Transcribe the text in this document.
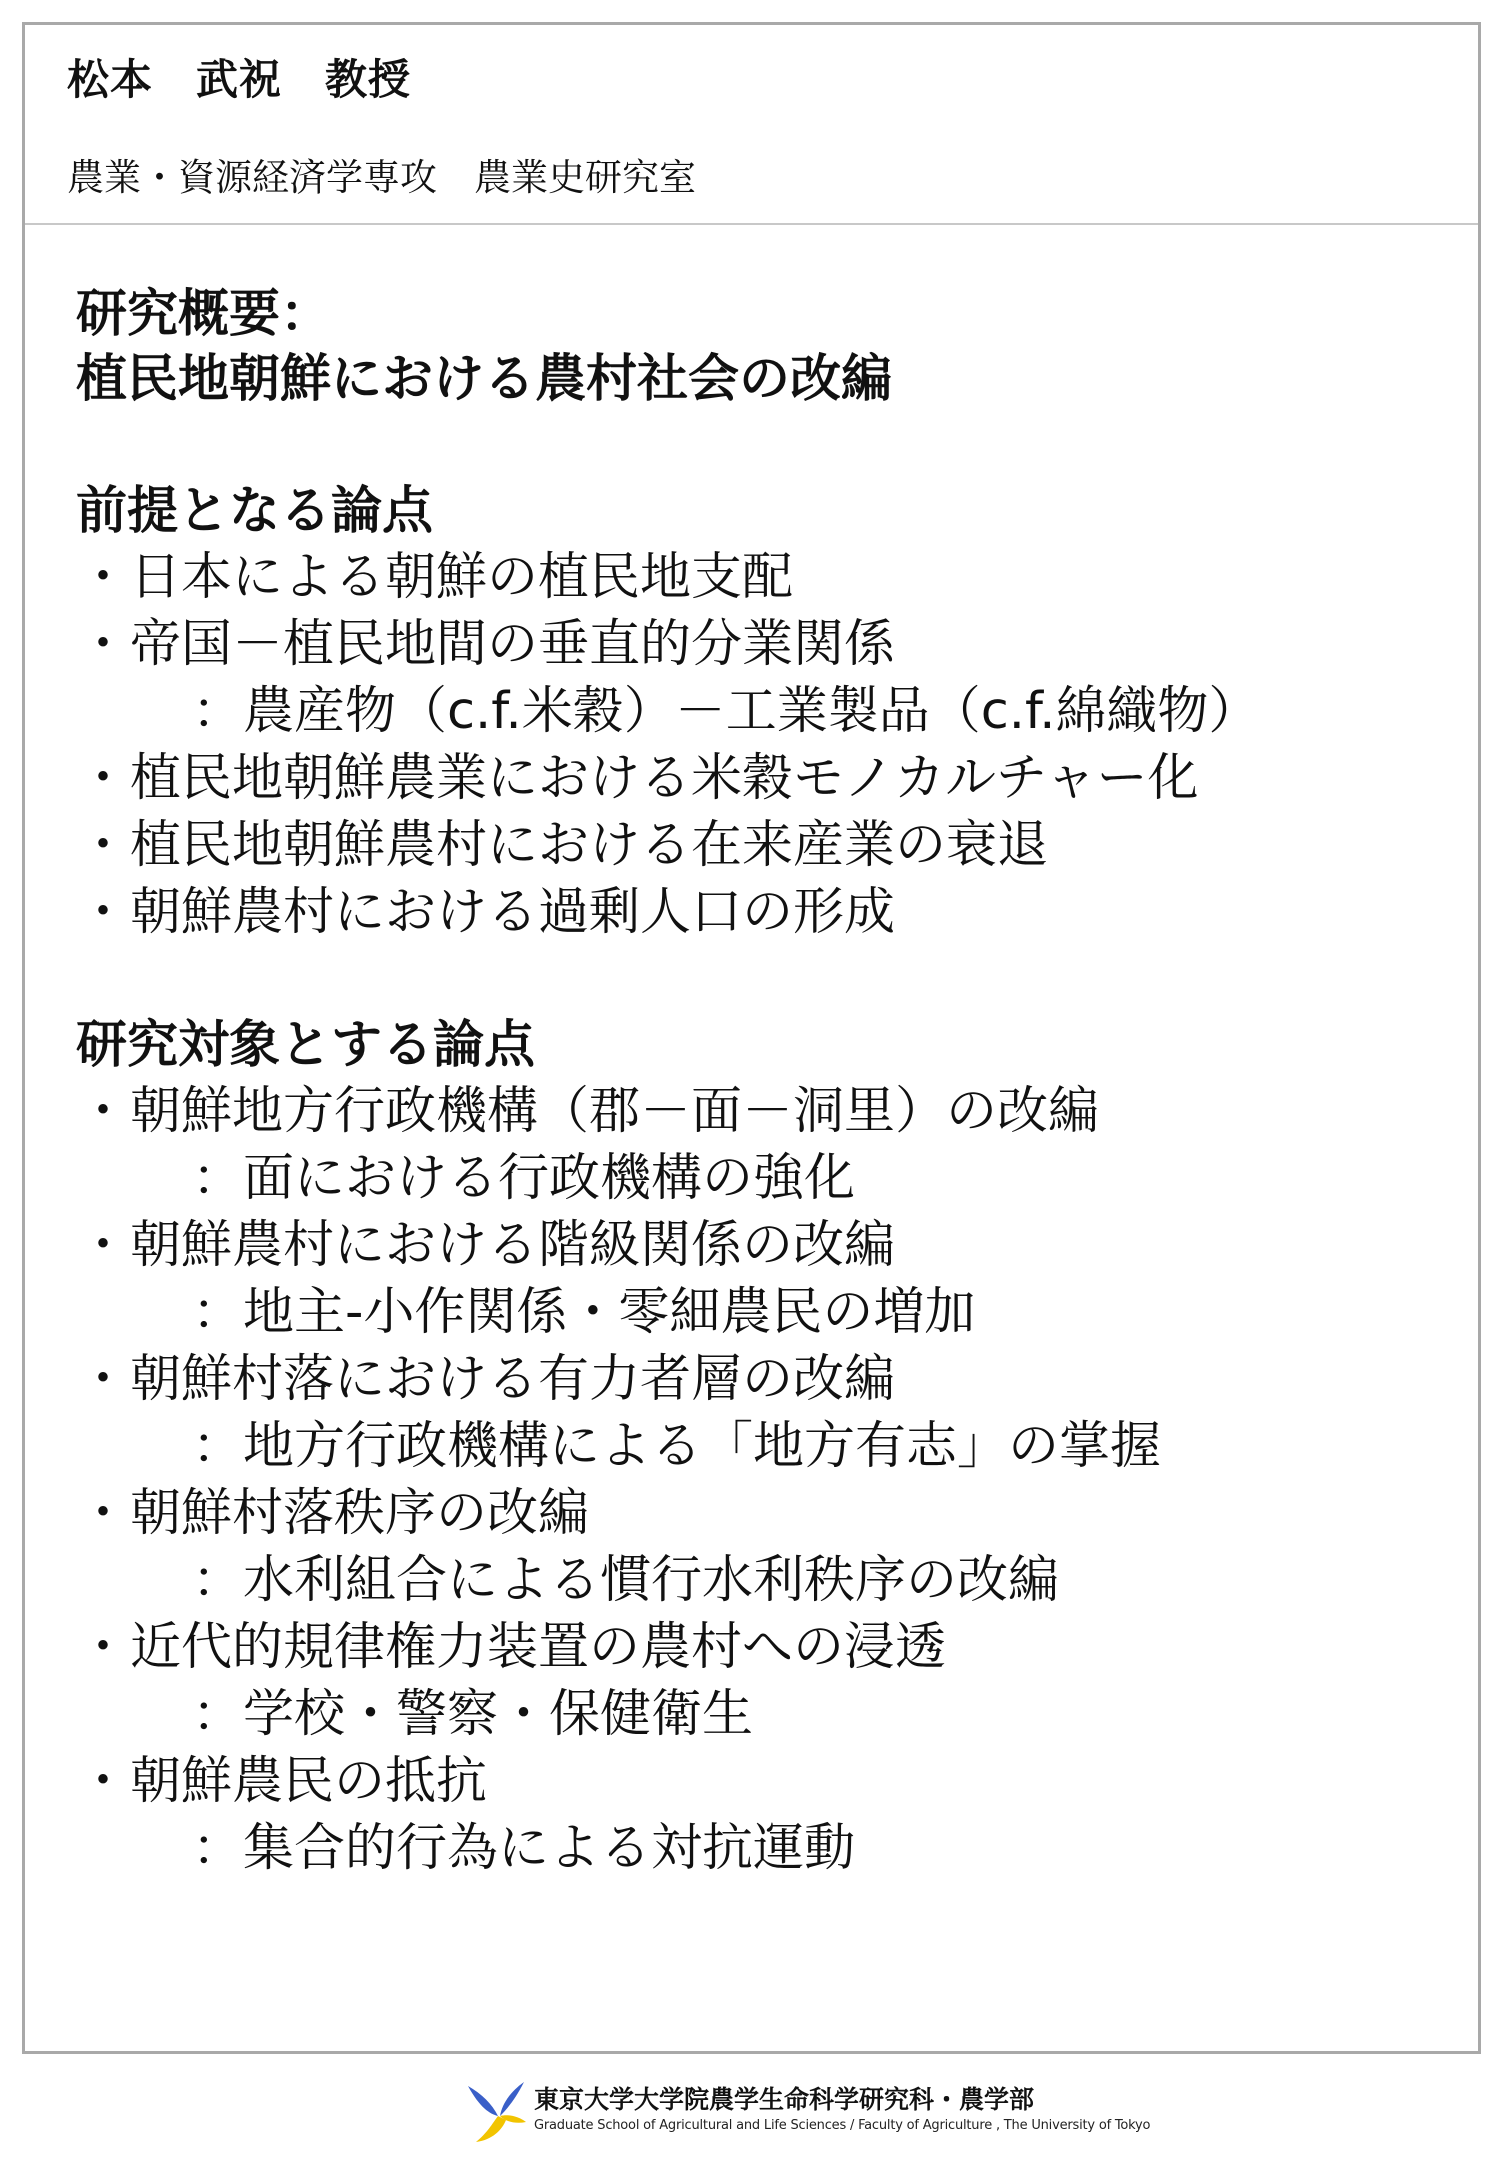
松本　武祝　教授
農業・資源経済学専攻　農業史研究室
研究概要：
植民地朝鮮における農村社会の改編
前提となる論点
・日本による朝鮮の植民地支配
・帝国－植民地間の垂直的分業関係
：農産物（c.f.米穀）－工業製品（c.f.綿織物）
・植民地朝鮮農業における米穀モノカルチャー化
・植民地朝鮮農村における在来産業の衰退
・朝鮮農村における過剰人口の形成
研究対象とする論点
・朝鮮地方行政機構（郡－面－洞里）の改編
：面における行政機構の強化
・朝鮮農村における階級関係の改編
：地主-小作関係・零細農民の増加
・朝鮮村落における有力者層の改編
：地方行政機構による「地方有志」の掌握
・朝鮮村落秩序の改編
：水利組合による慣行水利秩序の改編
・近代的規律権力装置の農村への浸透
：学校・警察・保健衛生
・朝鮮農民の抵抗
：集合的行為による対抗運動
東京大学大学院農学生命科学研究科・農学部
Graduate School of Agricultural and Life Sciences / Faculty of Agriculture , The University of Tokyo
